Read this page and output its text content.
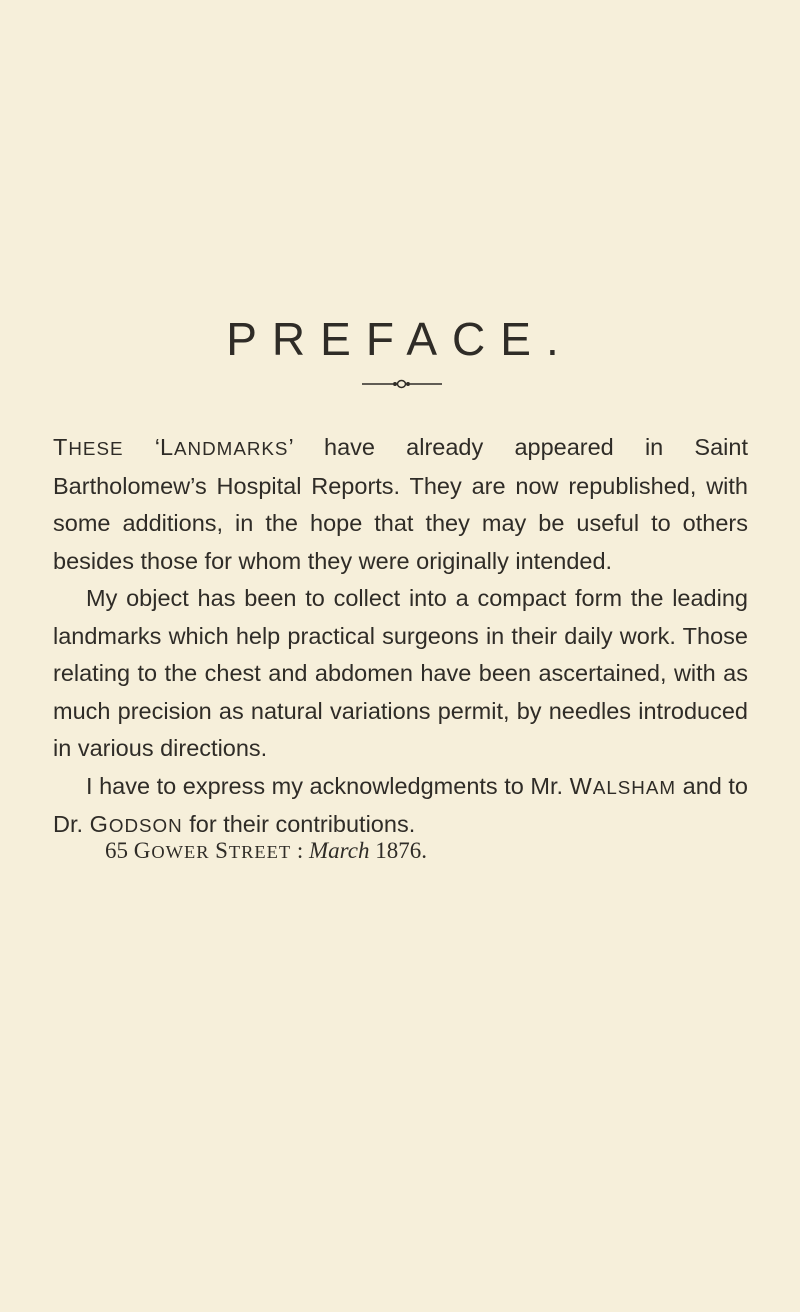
PREFACE.

THESE ‘LANDMARKS’ have already appeared in Saint Bartholomew’s Hospital Reports. They are now republished, with some additions, in the hope that they may be useful to others besides those for whom they were originally intended.

My object has been to collect into a compact form the leading landmarks which help practical surgeons in their daily work. Those relating to the chest and abdomen have been ascertained, with as much precision as natural variations permit, by needles introduced in various directions.

I have to express my acknowledgments to Mr. WALSHAM and to Dr. GODSON for their contributions.

65 GOWER STREET : March 1876.
